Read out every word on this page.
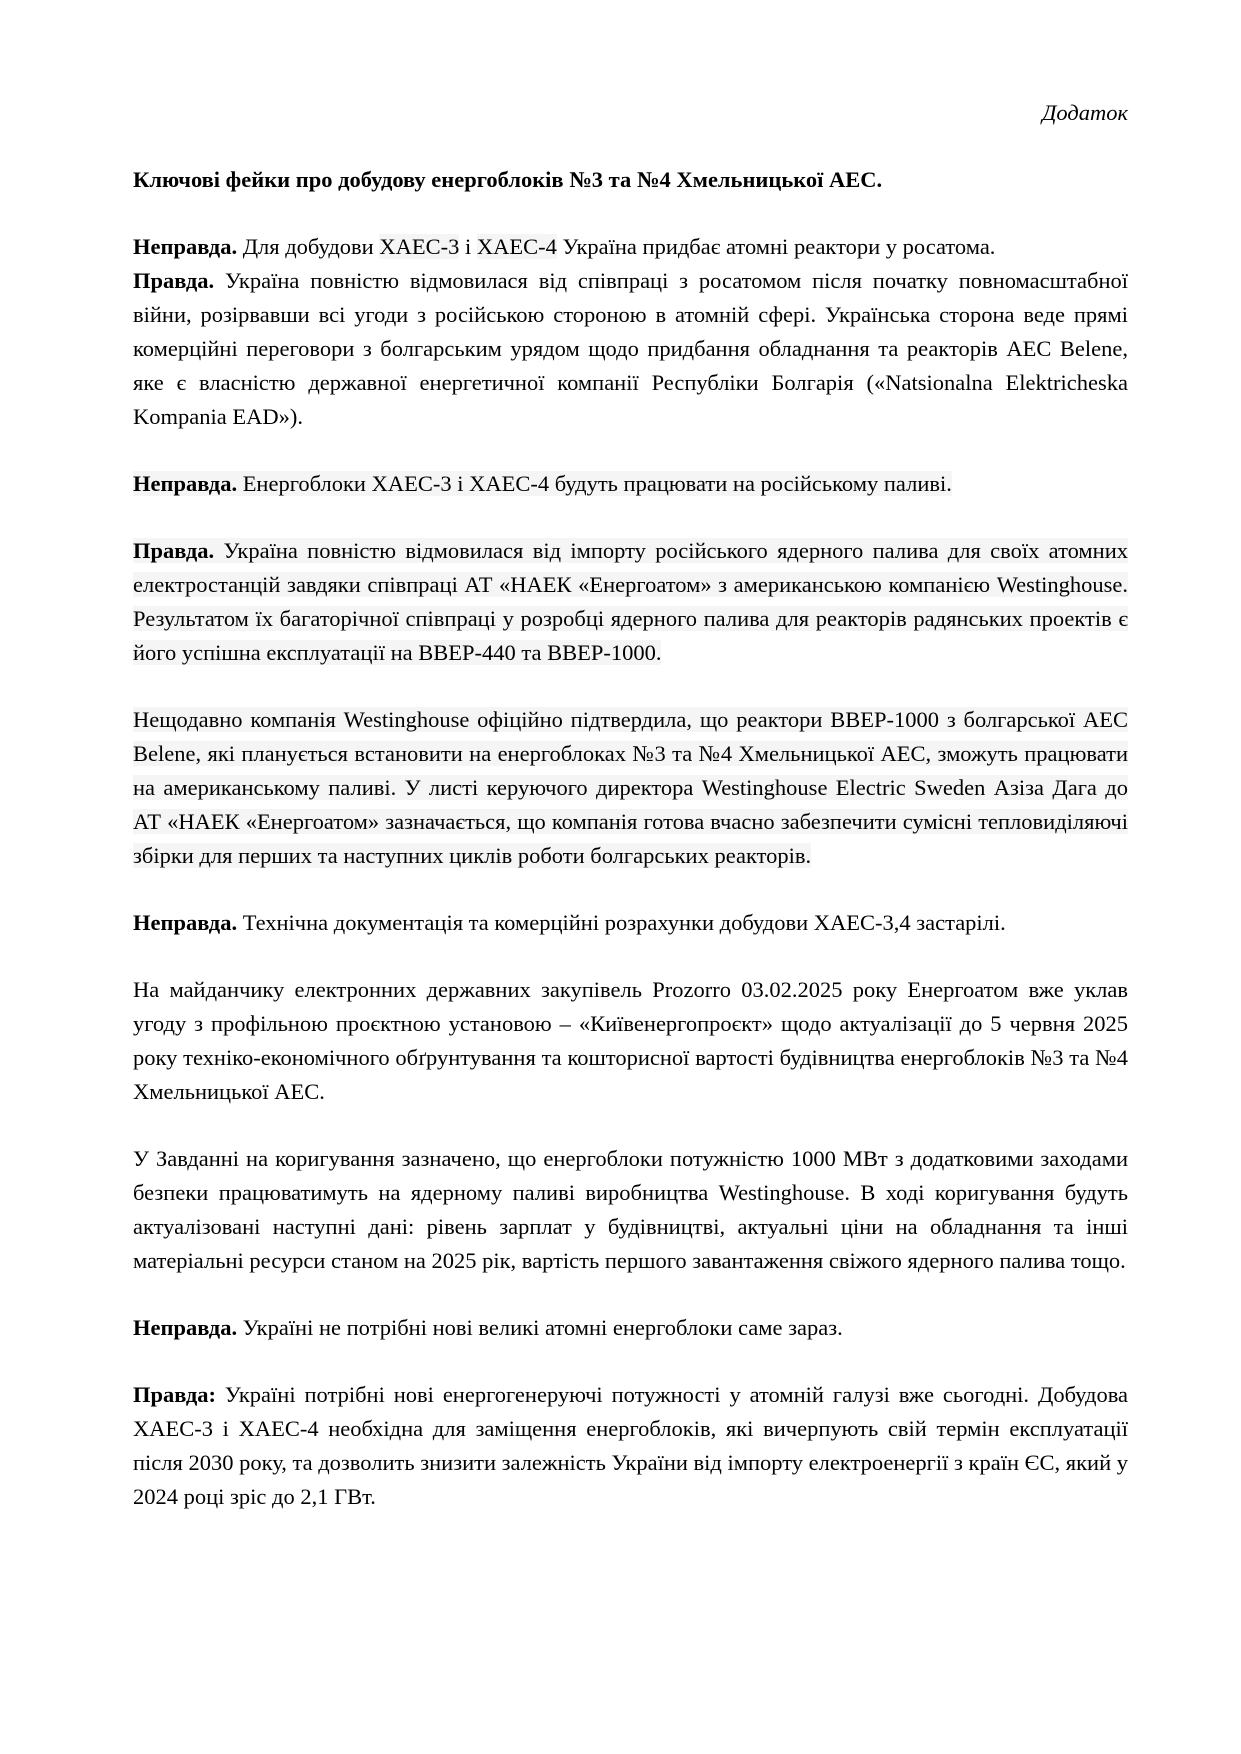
Додаток

Ключові фейки про добудову енергоблоків №3 та №4 Хмельницької АЕС.

Неправда. Для добудови ХАЕС-3 і ХАЕС-4 Україна придбає атомні реактори у росатома.

Правда. Україна повністю відмовилася від співпраці з росатомом після початку повномасштабної війни, розірвавши всі угоди з російською стороною в атомній сфері. Українська сторона веде прямі комерційні переговори з болгарським урядом щодо придбання обладнання та реакторів АЕС Belene, яке є власністю державної енергетичної компанії Республіки Болгарія («Natsionalna Elektricheska Kompania EAD»).

Неправда. Енергоблоки ХАЕС-3 і ХАЕС-4 будуть працювати на російському паливі.

Правда. Україна повністю відмовилася від імпорту російського ядерного палива для своїх атомних електростанцій завдяки співпраці АТ «НАЕК «Енергоатом» з американською компанією Westinghouse. Результатом їх багаторічної співпраці у розробці ядерного палива для реакторів радянських проектів є його успішна експлуатації на ВВЕР-440 та ВВЕР-1000.

Нещодавно компанія Westinghouse офіційно підтвердила, що реактори ВВЕР-1000 з болгарської АЕС Belene, які планується встановити на енергоблоках №3 та №4 Хмельницької АЕС, зможуть працювати на американському паливі. У листі керуючого директора Westinghouse Electric Sweden Азіза Дага до АТ «НАЕК «Енергоатом» зазначається, що компанія готова вчасно забезпечити сумісні тепловиділяючі збірки для перших та наступних циклів роботи болгарських реакторів.

Неправда. Технічна документація та комерційні розрахунки добудови ХАЕС-3,4 застарілі.

На майданчику електронних державних закупівель Prozorro 03.02.2025 року Енергоатом вже уклав угоду з профільною проєктною установою – «Київенергопроєкт» щодо актуалізації до 5 червня 2025 року техніко-економічного обґрунтування та кошторисної вартості будівництва енергоблоків №3 та №4 Хмельницької АЕС.

У Завданні на коригування зазначено, що енергоблоки потужністю 1000 МВт з додатковими заходами безпеки працюватимуть на ядерному паливі виробництва Westinghouse. В ході коригування будуть актуалізовані наступні дані: рівень зарплат у будівництві, актуальні ціни на обладнання та інші матеріальні ресурси станом на 2025 рік, вартість першого завантаження свіжого ядерного палива тощо.

Неправда. Україні не потрібні нові великі атомні енергоблоки саме зараз.

Правда: Україні потрібні нові енергогенеруючі потужності у атомній галузі вже сьогодні. Добудова ХАЕС-3 і ХАЕС-4 необхідна для заміщення енергоблоків, які вичерпують свій термін експлуатації після 2030 року, та дозволить знизити залежність України від імпорту електроенергії з країн ЄС, який у 2024 році зріс до 2,1 ГВт.
